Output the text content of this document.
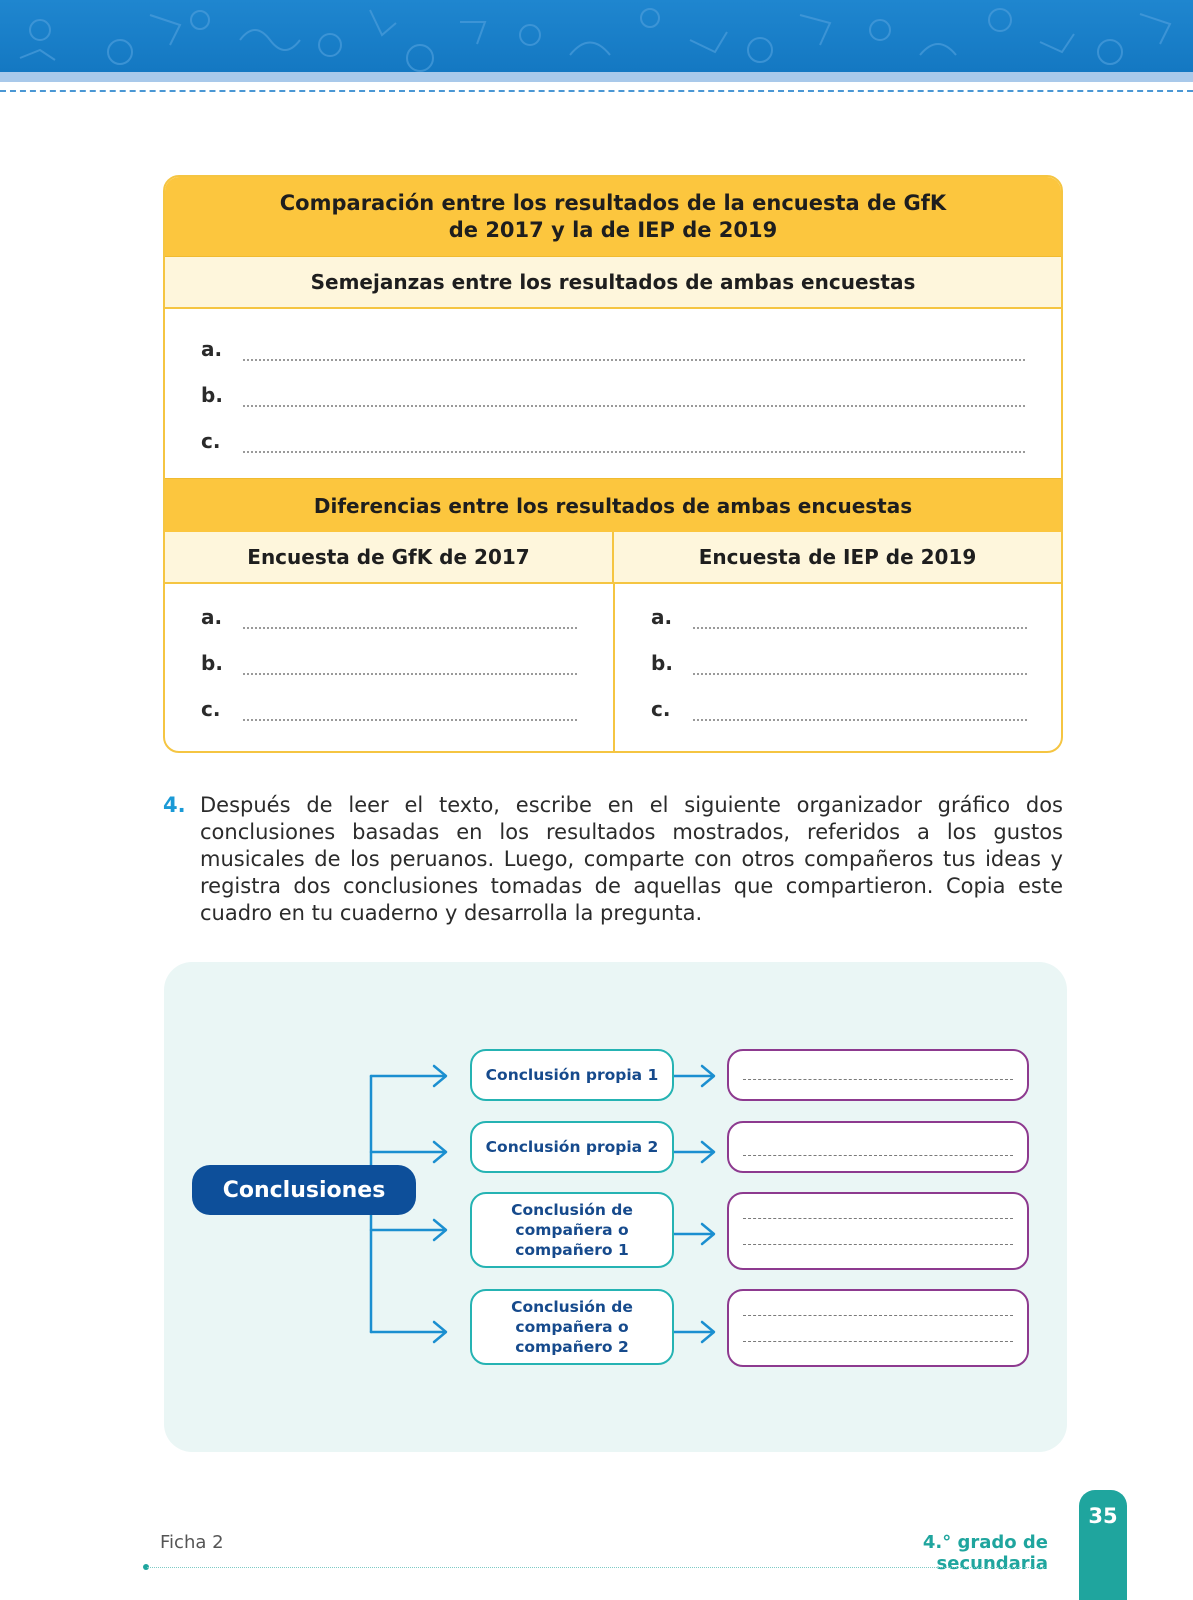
Comparación entre los resultados de la encuesta de GfK de 2017 y la de IEP de 2019
Semejanzas entre los resultados de ambas encuestas
a.
b.
c.
Diferencias entre los resultados de ambas encuestas
Encuesta de GfK de 2017	Encuesta de IEP de 2019
a.
b.
c.
a.
b.
c.
4. Después de leer el texto, escribe en el siguiente organizador gráfico dos conclusiones basadas en los resultados mostrados, referidos a los gustos musicales de los peruanos. Luego, comparte con otros compañeros tus ideas y registra dos conclusiones tomadas de aquellas que compartieron. Copia este cuadro en tu cuaderno y desarrolla la pregunta.
Conclusiones
Conclusión propia 1
Conclusión propia 2
Conclusión de compañera o compañero 1
Conclusión de compañera o compañero 2
Ficha 2	4.° grado de secundaria
35
